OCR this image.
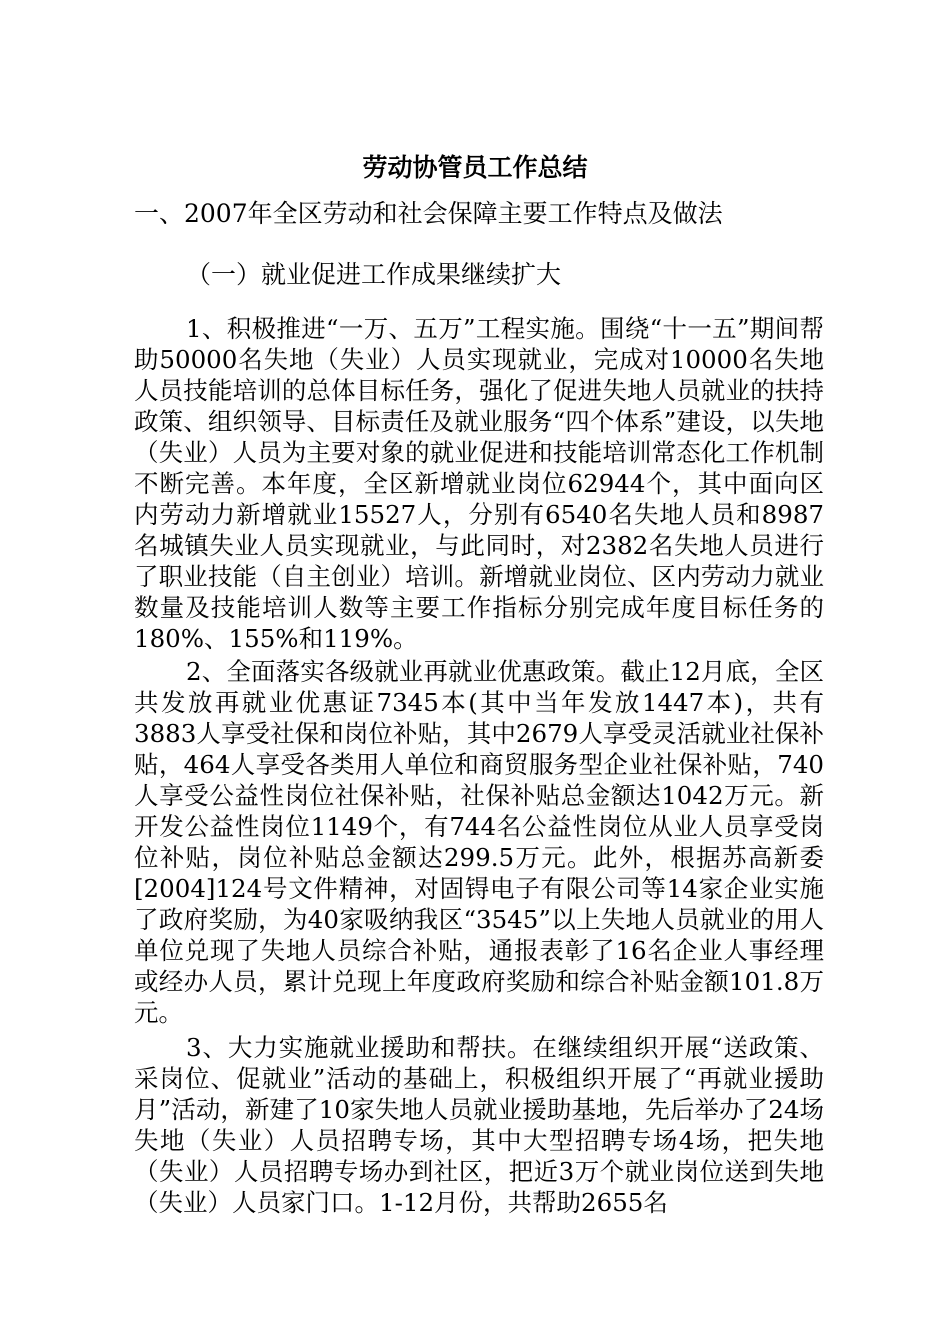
劳动协管员工作总结

一、2007年全区劳动和社会保障主要工作特点及做法

（一）就业促进工作成果继续扩大

1、积极推进“一万、五万”工程实施。围绕“十一五”期间帮助50000名失地（失业）人员实现就业，完成对10000名失地人员技能培训的总体目标任务，强化了促进失地人员就业的扶持政策、组织领导、目标责任及就业服务“四个体系”建设，以失地（失业）人员为主要对象的就业促进和技能培训常态化工作机制不断完善。本年度，全区新增就业岗位62944个，其中面向区内劳动力新增就业15527人，分别有6540名失地人员和8987名城镇失业人员实现就业，与此同时，对2382名失地人员进行了职业技能（自主创业）培训。新增就业岗位、区内劳动力就业数量及技能培训人数等主要工作指标分别完成年度目标任务的180%、155%和119%。

2、全面落实各级就业再就业优惠政策。截止12月底，全区共发放再就业优惠证7345本(其中当年发放1447本)，共有3883人享受社保和岗位补贴，其中2679人享受灵活就业社保补贴，464人享受各类用人单位和商贸服务型企业社保补贴，740人享受公益性岗位社保补贴，社保补贴总金额达1042万元。新开发公益性岗位1149个，有744名公益性岗位从业人员享受岗位补贴，岗位补贴总金额达299.5万元。此外，根据苏高新委[2004]124号文件精神，对固锝电子有限公司等14家企业实施了政府奖励，为40家吸纳我区“3545”以上失地人员就业的用人单位兑现了失地人员综合补贴，通报表彰了16名企业人事经理或经办人员，累计兑现上年度政府奖励和综合补贴金额101.8万元。

3、大力实施就业援助和帮扶。在继续组织开展“送政策、采岗位、促就业”活动的基础上，积极组织开展了“再就业援助月”活动，新建了10家失地人员就业援助基地，先后举办了24场失地（失业）人员招聘专场，其中大型招聘专场4场，把失地（失业）人员招聘专场办到社区，把近3万个就业岗位送到失地（失业）人员家门口。1-12月份，共帮助2655名
